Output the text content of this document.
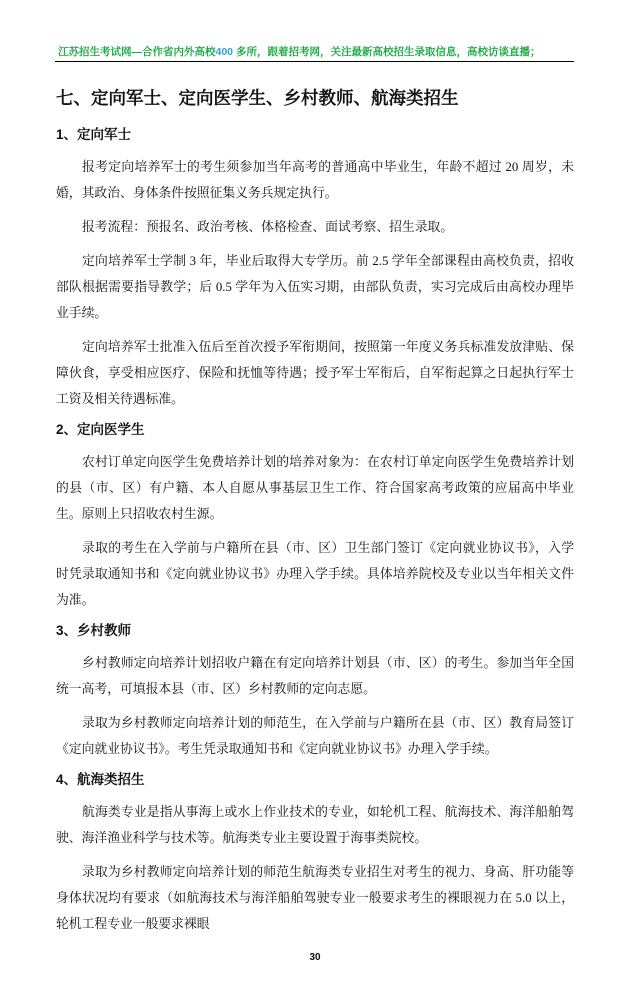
江苏招生考试网—合作省内外高校400 多所，跟着招考网，关注最新高校招生录取信息，高校访谈直播；
七、定向军士、定向医学生、乡村教师、航海类招生
1、定向军士
报考定向培养军士的考生须参加当年高考的普通高中毕业生，年龄不超过 20 周岁，未婚，其政治、身体条件按照征集义务兵规定执行。
报考流程：预报名、政治考核、体格检查、面试考察、招生录取。
定向培养军士学制 3 年，毕业后取得大专学历。前 2.5 学年全部课程由高校负责，招收部队根据需要指导教学；后 0.5 学年为入伍实习期，由部队负责，实习完成后由高校办理毕业手续。
定向培养军士批准入伍后至首次授予军衔期间，按照第一年度义务兵标准发放津贴、保障伙食，享受相应医疗、保险和抚恤等待遇；授予军士军衔后，自军衔起算之日起执行军士工资及相关待遇标准。
2、定向医学生
农村订单定向医学生免费培养计划的培养对象为：在农村订单定向医学生免费培养计划的县（市、区）有户籍、本人自愿从事基层卫生工作、符合国家高考政策的应届高中毕业生。原则上只招收农村生源。
录取的考生在入学前与户籍所在县（市、区）卫生部门签订《定向就业协议书》，入学时凭录取通知书和《定向就业协议书》办理入学手续。具体培养院校及专业以当年相关文件为准。
3、乡村教师
乡村教师定向培养计划招收户籍在有定向培养计划县（市、区）的考生。参加当年全国统一高考，可填报本县（市、区）乡村教师的定向志愿。
录取为乡村教师定向培养计划的师范生，在入学前与户籍所在县（市、区）教育局签订《定向就业协议书》。考生凭录取通知书和《定向就业协议书》办理入学手续。
4、航海类招生
航海类专业是指从事海上或水上作业技术的专业，如轮机工程、航海技术、海洋船舶驾驶、海洋渔业科学与技术等。航海类专业主要设置于海事类院校。
录取为乡村教师定向培养计划的师范生航海类专业招生对考生的视力、身高、肝功能等身体状况均有要求（如航海技术与海洋船舶驾驶专业一般要求考生的裸眼视力在 5.0 以上，轮机工程专业一般要求裸眼
30
